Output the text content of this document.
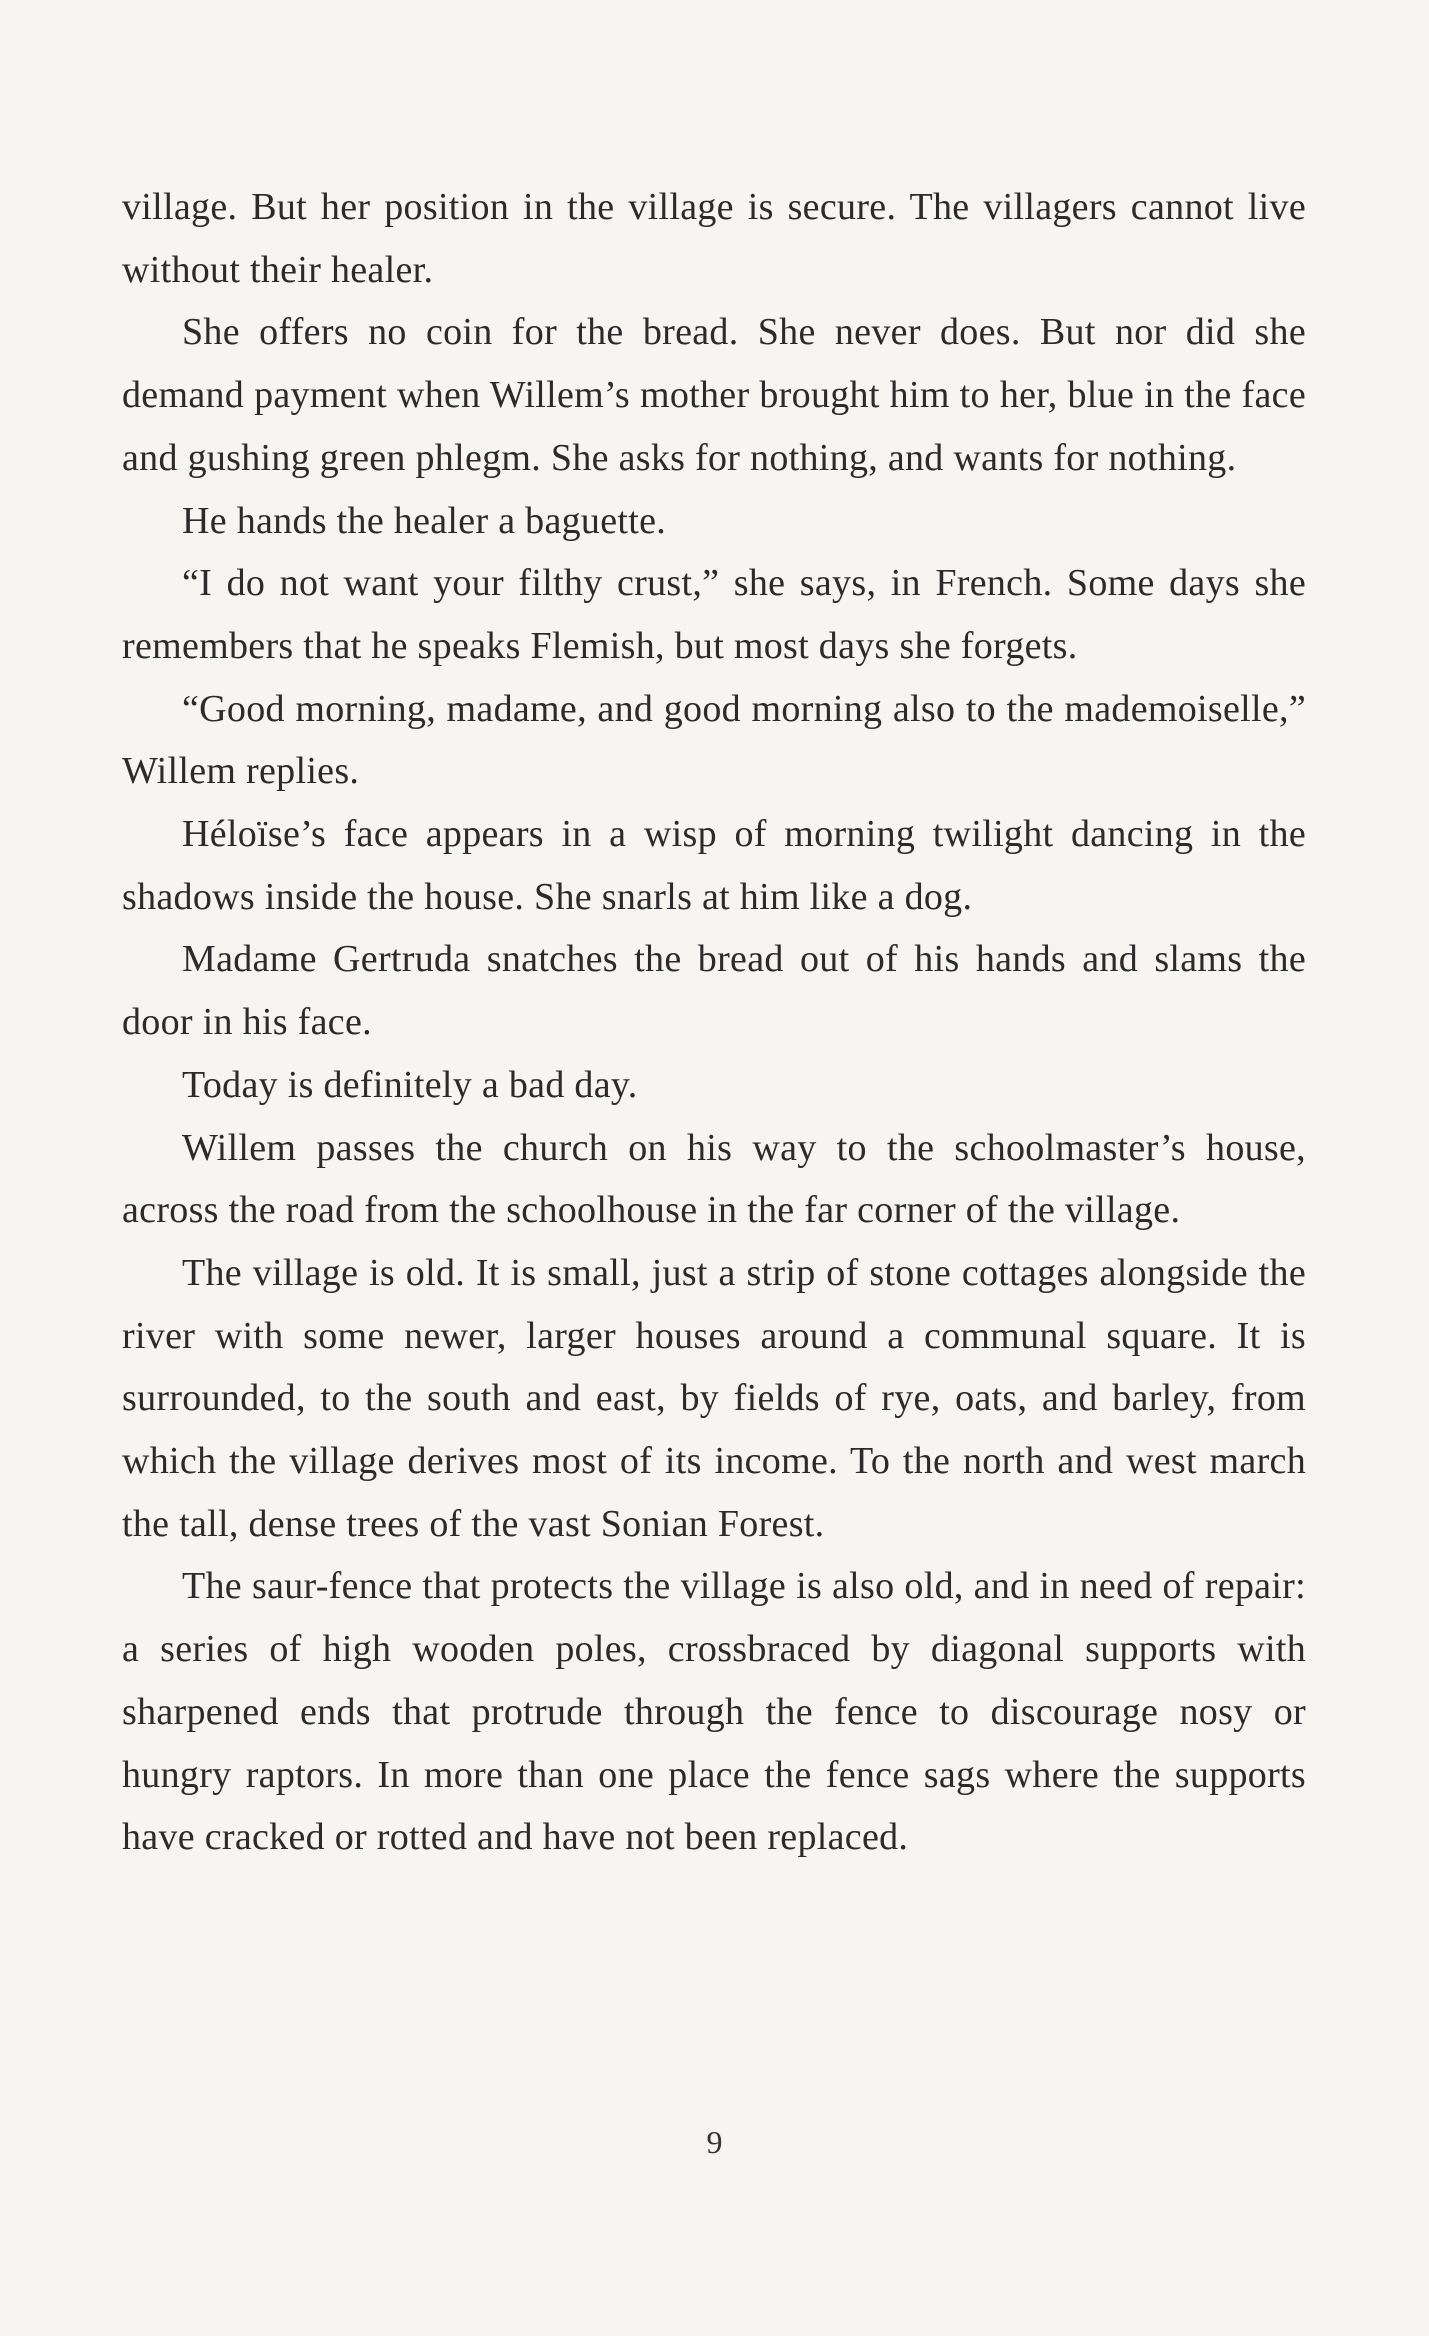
village. But her position in the village is secure. The villagers cannot live without their healer.

She offers no coin for the bread. She never does. But nor did she demand payment when Willem’s mother brought him to her, blue in the face and gushing green phlegm. She asks for nothing, and wants for nothing.

He hands the healer a baguette.

“I do not want your filthy crust,” she says, in French. Some days she remembers that he speaks Flemish, but most days she forgets.

“Good morning, madame, and good morning also to the mademoiselle,” Willem replies.

Héloïse’s face appears in a wisp of morning twilight dancing in the shadows inside the house. She snarls at him like a dog.

Madame Gertruda snatches the bread out of his hands and slams the door in his face.

Today is definitely a bad day.

Willem passes the church on his way to the schoolmaster’s house, across the road from the schoolhouse in the far corner of the village.

The village is old. It is small, just a strip of stone cottages alongside the river with some newer, larger houses around a communal square. It is surrounded, to the south and east, by fields of rye, oats, and barley, from which the village derives most of its income. To the north and west march the tall, dense trees of the vast Sonian Forest.

The saur-fence that protects the village is also old, and in need of repair: a series of high wooden poles, crossbraced by diagonal supports with sharpened ends that protrude through the fence to discourage nosy or hungry raptors. In more than one place the fence sags where the supports have cracked or rotted and have not been replaced.

9
